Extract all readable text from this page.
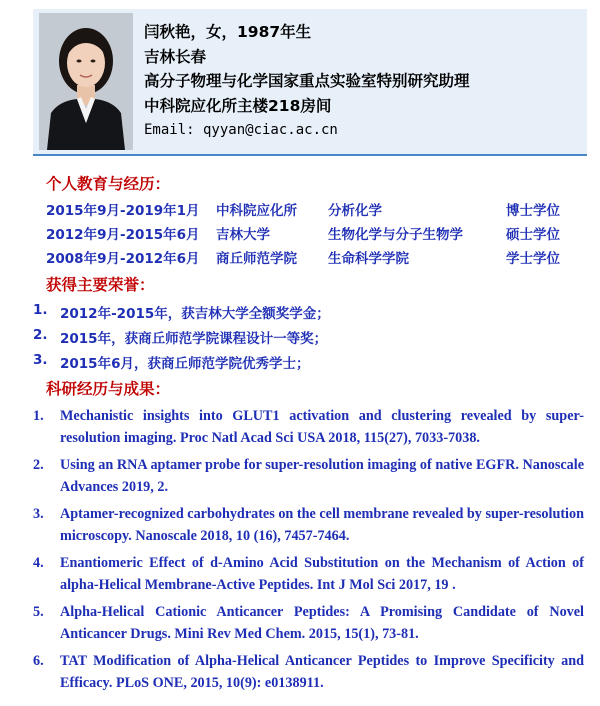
闫秋艳，女，1987年生
吉林长春
高分子物理与化学国家重点实验室特别研究助理
中科院应化所主楼218房间
Email: qyyan@ciac.ac.cn
个人教育与经历：
2015年9月-2019年1月 中科院应化所 分析化学	博士学位
2012年9月-2015年6月 吉林大学	生物化学与分子生物学	硕士学位
2008年9月-2012年6月 商丘师范学院 生命科学学院	学士学位
获得主要荣誉：
1. 2012年-2015年，获吉林大学全额奖学金；
2. 2015年，获商丘师范学院课程设计一等奖；
3. 2015年6月，获商丘师范学院优秀学士；
科研经历与成果：
1. Mechanistic insights into GLUT1 activation and clustering revealed by super-resolution imaging. Proc Natl Acad Sci USA 2018, 115(27), 7033-7038.
2. Using an RNA aptamer probe for super-resolution imaging of native EGFR. Nanoscale Advances 2019, 2.
3. Aptamer-recognized carbohydrates on the cell membrane revealed by super-resolution microscopy. Nanoscale 2018, 10 (16), 7457-7464.
4. Enantiomeric Effect of d-Amino Acid Substitution on the Mechanism of Action of alpha-Helical Membrane-Active Peptides. Int J Mol Sci 2017, 19 .
5. Alpha-Helical Cationic Anticancer Peptides: A Promising Candidate of Novel Anticancer Drugs. Mini Rev Med Chem. 2015, 15(1), 73-81.
6. TAT Modification of Alpha-Helical Anticancer Peptides to Improve Specificity and Efficacy. PLoS ONE, 2015, 10(9): e0138911.
